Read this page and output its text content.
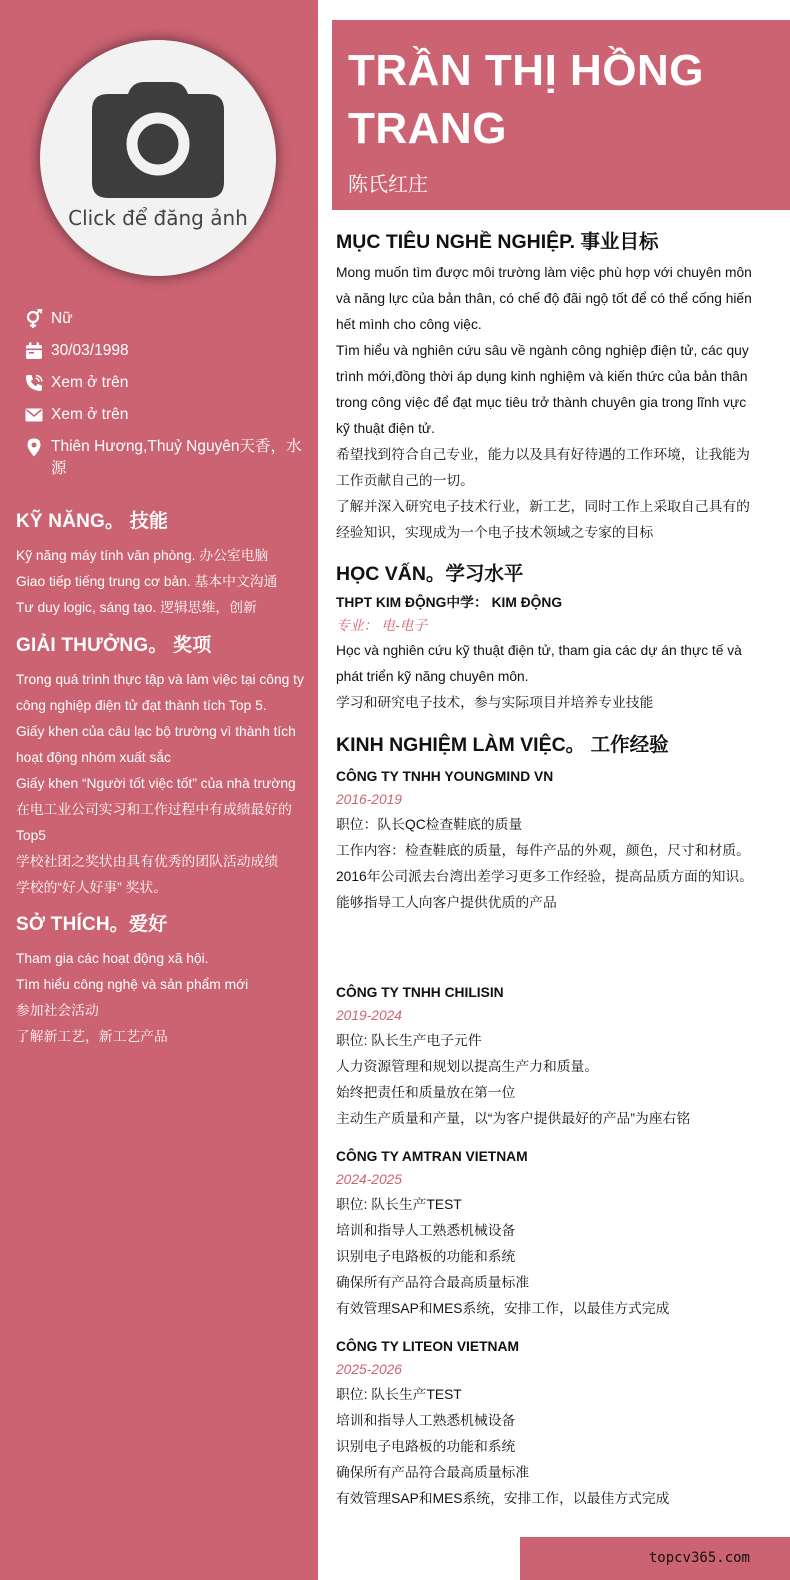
Click để đăng ảnh
Nữ
30/03/1998
Xem ở trên
Xem ở trên
Thiên Hương,Thuỷ Nguyên天香，水源
KỸ NĂNG。 技能
Kỹ năng máy tính văn phòng. 办公室电脑
Giao tiếp tiếng trung cơ bản. 基本中文沟通
Tư duy logic, sáng tạo. 逻辑思维，创新
GIẢI THƯỞNG。 奖项
Trong quá trình thực tập và làm việc tại công ty công nghiệp điện tử đạt thành tích Top 5.
Giấy khen của câu lạc bộ trường vì thành tích hoạt động nhóm xuất sắc
Giấy khen “Người tốt việc tốt” của nhà trường
在电工业公司实习和工作过程中有成绩最好的Top5
学校社团之奖状由具有优秀的团队活动成绩
学校的“好人好事” 奖状。
SỞ THÍCH。爱好
Tham gia các hoạt động xã hội.
Tìm hiểu công nghệ và sản phẩm mới
参加社会活动
了解新工艺，新工艺产品
TRẦN THỊ HỒNG
TRANG
陈氏红庄
MỤC TIÊU NGHỀ NGHIỆP. 事业目标

Mong muốn tìm được môi trường làm việc phù hợp với chuyên môn và năng lực của bản thân, có chế độ đãi ngộ tốt để có thể cống hiến hết mình cho công việc.

Tìm hiểu và nghiên cứu sâu về ngành công nghiệp điện tử, các quy trình mới,đồng thời áp dụng kinh nghiệm và kiến thức của bản thân trong công việc để đạt mục tiêu trở thành chuyên gia trong lĩnh vực kỹ thuật điện tử.

希望找到符合自己专业，能力以及具有好待遇的工作环境，让我能为工作贡献自己的一切。

了解并深入研究电子技术行业，新工艺，同时工作上采取自己具有的经验知识，实现成为一个电子技术领域之专家的目标

HỌC VẤN。学习水平
THPT KIM ĐỘNG中学： KIM ĐỘNG
专业： 电-电子

Học và nghiên cứu kỹ thuật điện tử, tham gia các dự án thực tế và phát triển kỹ năng chuyên môn.

学习和研究电子技术，参与实际项目并培养专业技能

KINH NGHIỆM LÀM VIỆC。 工作经验
CÔNG TY TNHH YOUNGMIND VN
2016-2019

职位：队长QC检查鞋底的质量

工作内容：检查鞋底的质量，每件产品的外观，颜色，尺寸和材质。

2016年公司派去台湾出差学习更多工作经验，提高品质方面的知识。

能够指导工人向客户提供优质的产品

CÔNG TY TNHH CHILISIN
2019-2024

职位: 队长生产电子元件

人力资源管理和规划以提高生产力和质量。

始终把责任和质量放在第一位

主动生产质量和产量，以“为客户提供最好的产品”为座右铭

CÔNG TY AMTRAN VIETNAM
2024-2025

职位: 队长生产TEST

培训和指导人工熟悉机械设备

识别电子电路板的功能和系统

确保所有产品符合最高质量标准

有效管理SAP和MES系统，安排工作，以最佳方式完成

CÔNG TY LITEON VIETNAM
2025-2026

职位: 队长生产TEST

培训和指导人工熟悉机械设备

识别电子电路板的功能和系统

确保所有产品符合最高质量标准

有效管理SAP和MES系统，安排工作，以最佳方式完成

topcv365.com
